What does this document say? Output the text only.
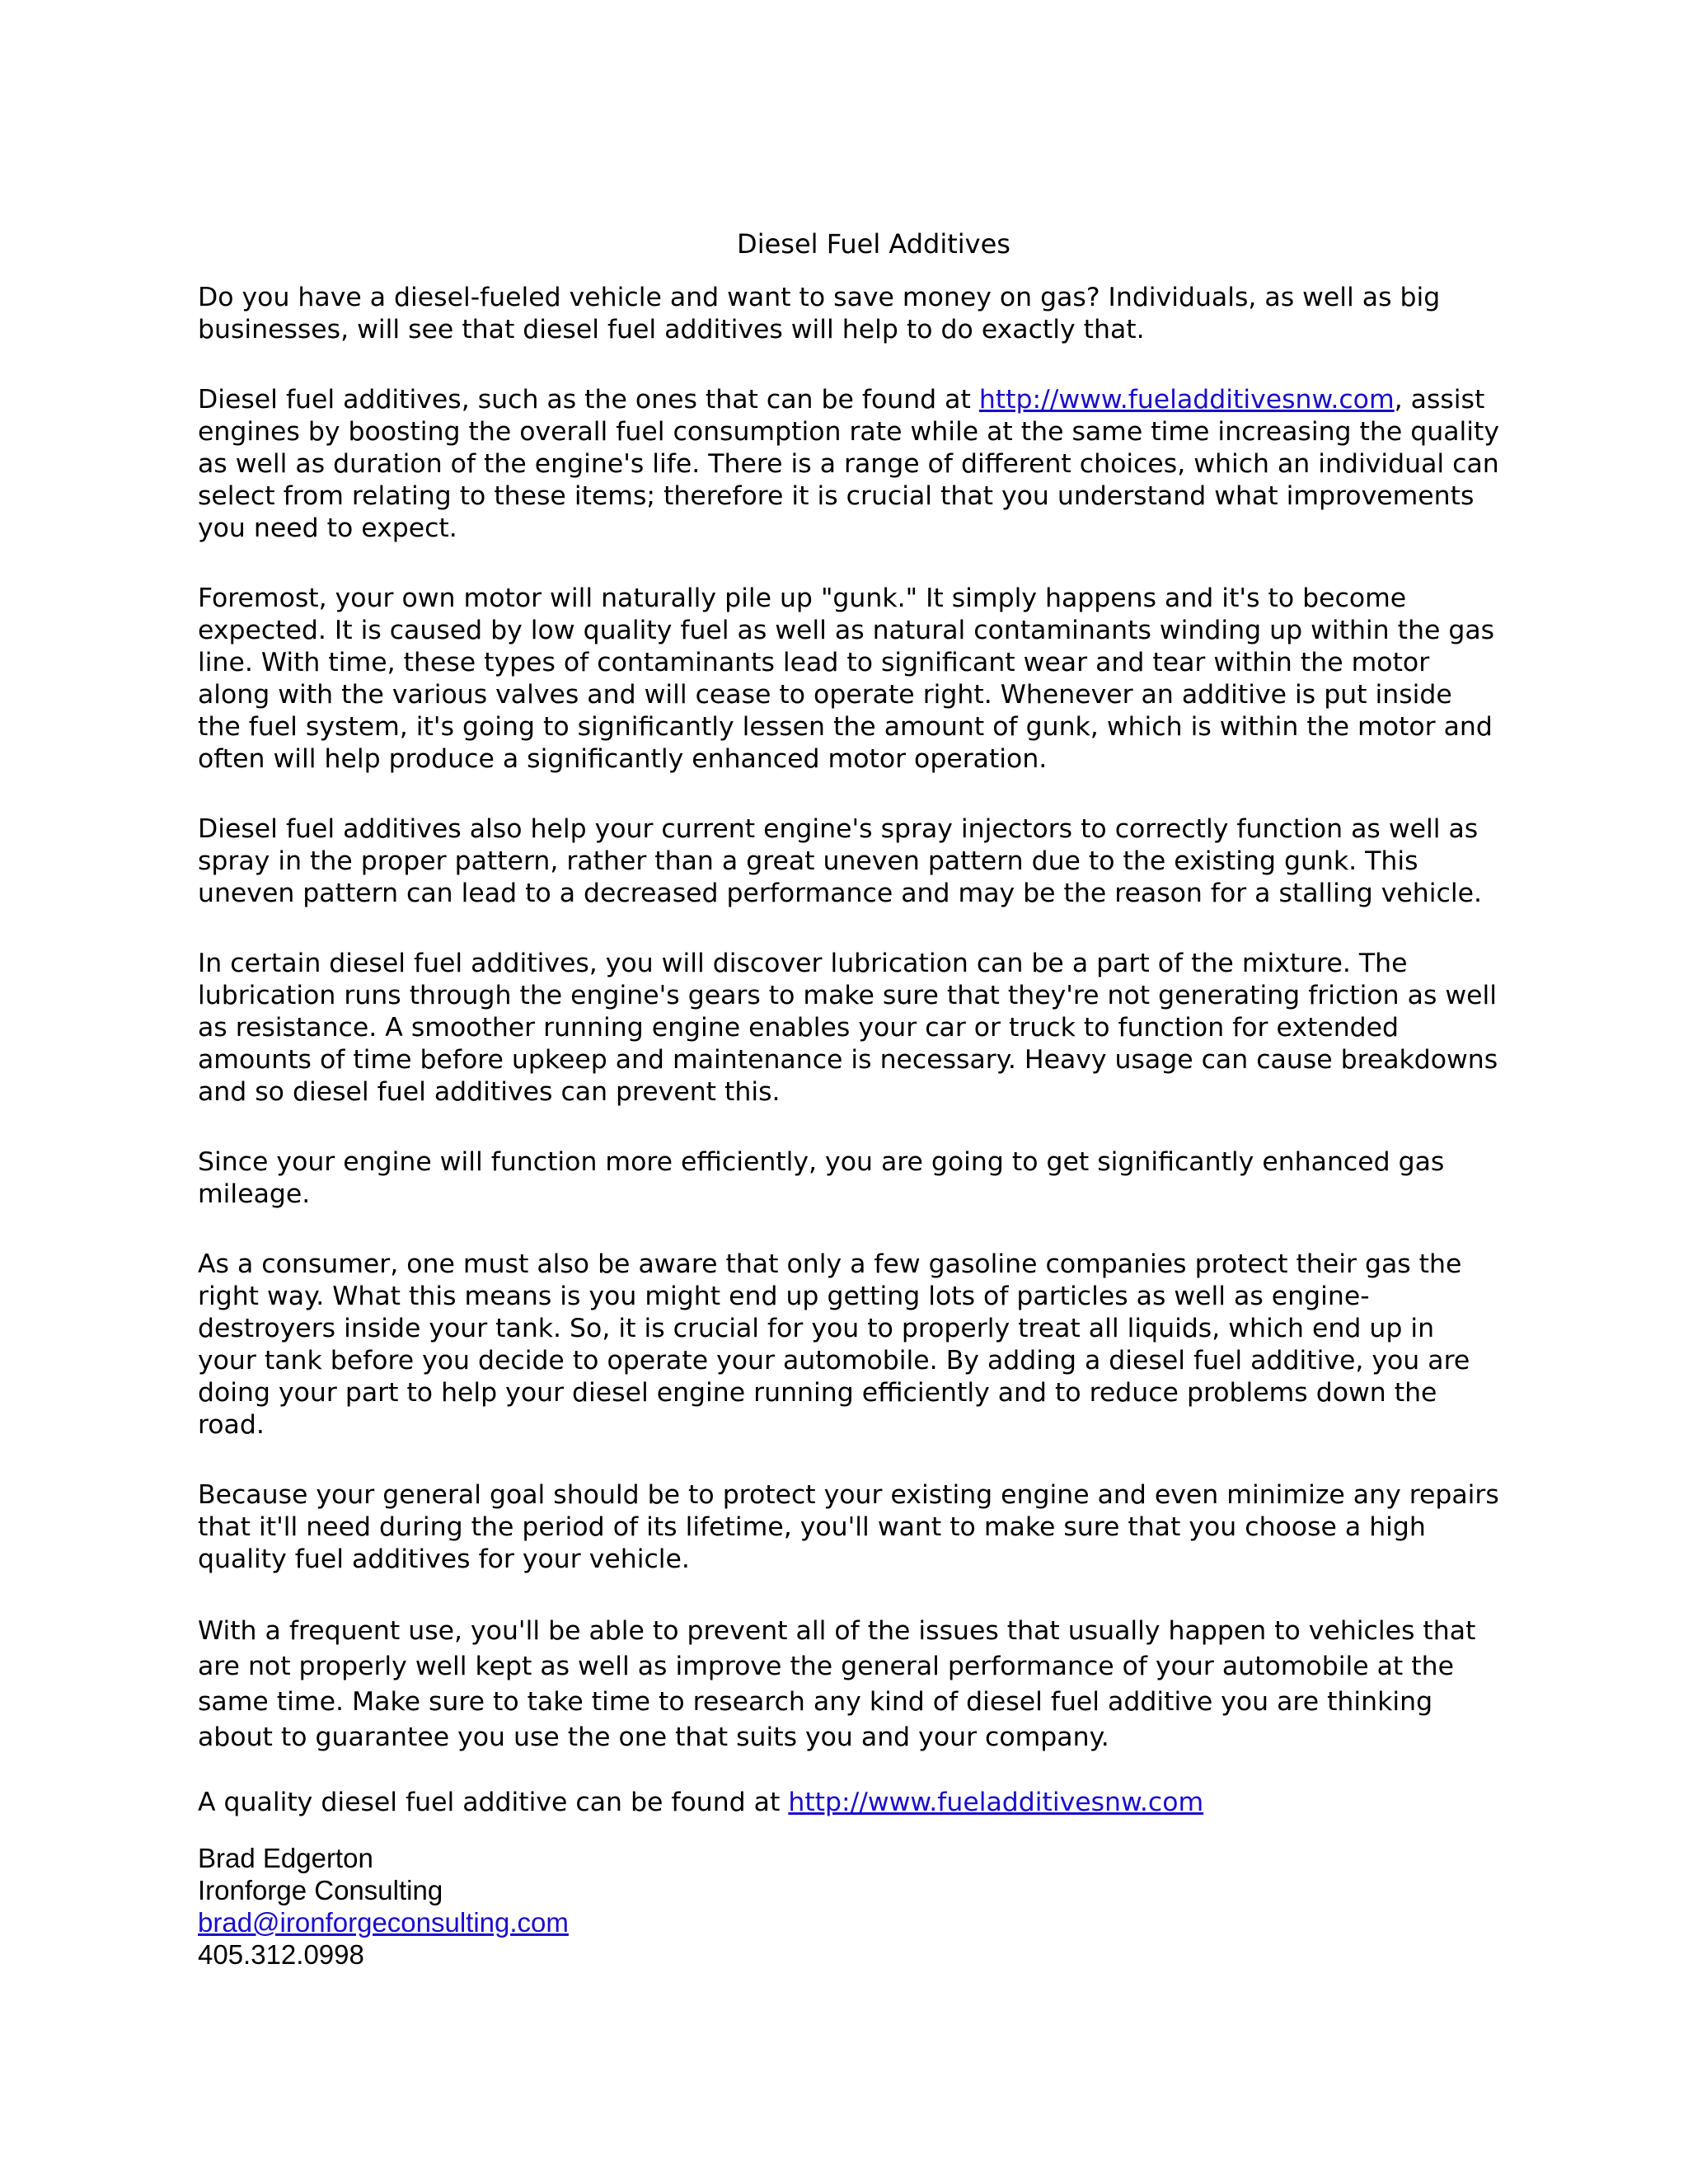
Diesel Fuel Additives

Do you have a diesel-fueled vehicle and want to save money on gas? Individuals, as well as big businesses, will see that diesel fuel additives will help to do exactly that.

Diesel fuel additives, such as the ones that can be found at http://www.fueladditivesnw.com, assist engines by boosting the overall fuel consumption rate while at the same time increasing the quality as well as duration of the engine's life. There is a range of different choices, which an individual can select from relating to these items; therefore it is crucial that you understand what improvements you need to expect.

Foremost, your own motor will naturally pile up "gunk." It simply happens and it's to become expected. It is caused by low quality fuel as well as natural contaminants winding up within the gas line. With time, these types of contaminants lead to significant wear and tear within the motor along with the various valves and will cease to operate right. Whenever an additive is put inside the fuel system, it's going to significantly lessen the amount of gunk, which is within the motor and often will help produce a significantly enhanced motor operation.

Diesel fuel additives also help your current engine's spray injectors to correctly function as well as spray in the proper pattern, rather than a great uneven pattern due to the existing gunk. This uneven pattern can lead to a decreased performance and may be the reason for a stalling vehicle.

In certain diesel fuel additives, you will discover lubrication can be a part of the mixture. The lubrication runs through the engine's gears to make sure that they're not generating friction as well as resistance. A smoother running engine enables your car or truck to function for extended amounts of time before upkeep and maintenance is necessary. Heavy usage can cause breakdowns and so diesel fuel additives can prevent this.

Since your engine will function more efficiently, you are going to get significantly enhanced gas mileage.

As a consumer, one must also be aware that only a few gasoline companies protect their gas the right way. What this means is you might end up getting lots of particles as well as engine-destroyers inside your tank. So, it is crucial for you to properly treat all liquids, which end up in your tank before you decide to operate your automobile. By adding a diesel fuel additive, you are doing your part to help your diesel engine running efficiently and to reduce problems down the road.

Because your general goal should be to protect your existing engine and even minimize any repairs that it'll need during the period of its lifetime, you'll want to make sure that you choose a high quality fuel additives for your vehicle.

With a frequent use, you'll be able to prevent all of the issues that usually happen to vehicles that are not properly well kept as well as improve the general performance of your automobile at the same time. Make sure to take time to research any kind of diesel fuel additive you are thinking about to guarantee you use the one that suits you and your company.

A quality diesel fuel additive can be found at http://www.fueladditivesnw.com

Brad Edgerton
Ironforge Consulting
brad@ironforgeconsulting.com
405.312.0998
